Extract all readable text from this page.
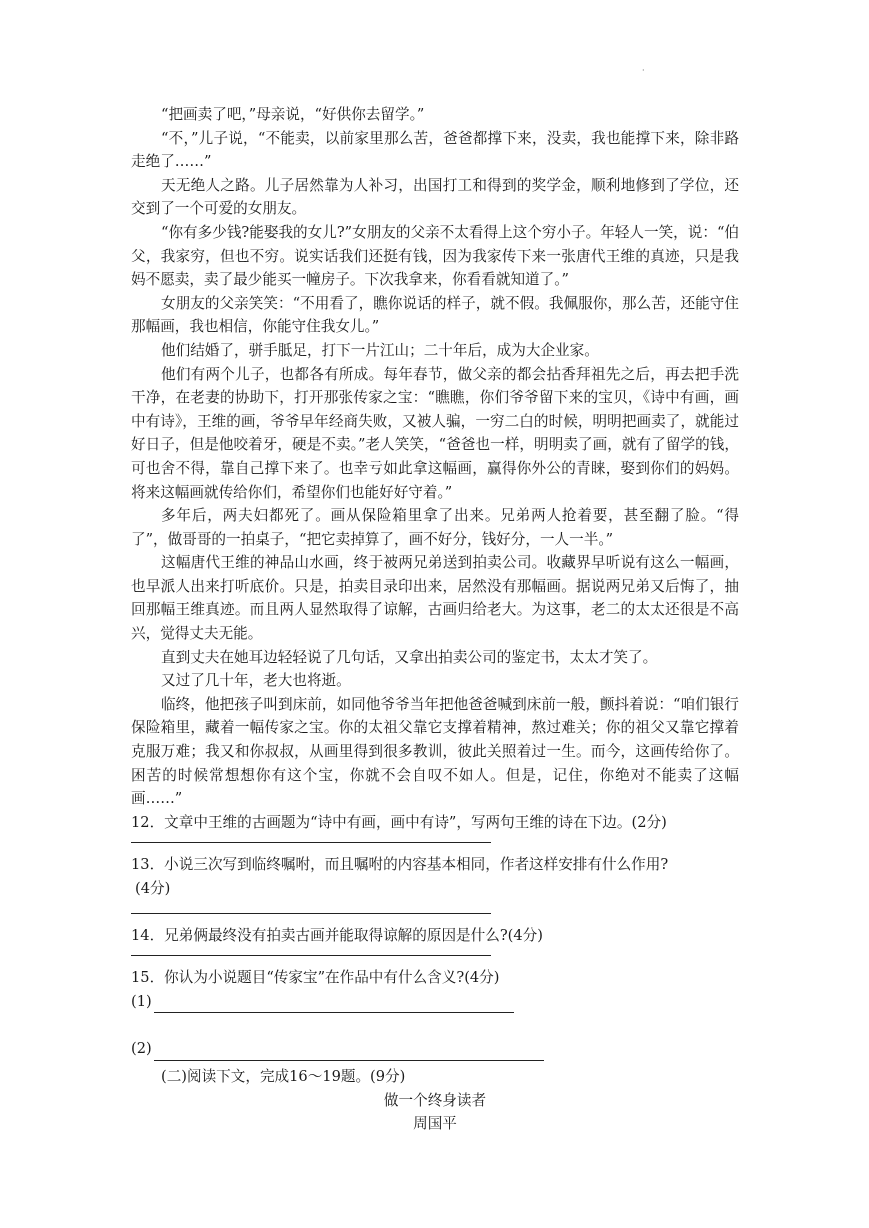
·

“把画卖了吧，”母亲说，“好供你去留学。”

“不，”儿子说，“不能卖，以前家里那么苦，爸爸都撑下来，没卖，我也能撑下来，除非路走绝了……”

天无绝人之路。儿子居然靠为人补习，出国打工和得到的奖学金，顺利地修到了学位，还交到了一个可爱的女朋友。

“你有多少钱?能娶我的女儿?”女朋友的父亲不太看得上这个穷小子。年轻人一笑，说：“伯父，我家穷，但也不穷。说实话我们还挺有钱，因为我家传下来一张唐代王维的真迹，只是我妈不愿卖，卖了最少能买一幢房子。下次我拿来，你看看就知道了。”

女朋友的父亲笑笑：“不用看了，瞧你说话的样子，就不假。我佩服你，那么苦，还能守住那幅画，我也相信，你能守住我女儿。”

他们结婚了，骈手胝足，打下一片江山；二十年后，成为大企业家。

他们有两个儿子，也都各有所成。每年春节，做父亲的都会拈香拜祖先之后，再去把手洗干净，在老妻的协助下，打开那张传家之宝：“瞧瞧，你们爷爷留下来的宝贝，《诗中有画，画中有诗》，王维的画，爷爷早年经商失败，又被人骗，一穷二白的时候，明明把画卖了，就能过好日子，但是他咬着牙，硬是不卖。”老人笑笑，“爸爸也一样，明明卖了画，就有了留学的钱，可也舍不得，靠自己撑下来了。也幸亏如此拿这幅画，赢得你外公的青睐，娶到你们的妈妈。将来这幅画就传给你们，希望你们也能好好守着。”

多年后，两夫妇都死了。画从保险箱里拿了出来。兄弟两人抢着要，甚至翻了脸。“得了”，做哥哥的一拍桌子，“把它卖掉算了，画不好分，钱好分，一人一半。”

这幅唐代王维的神品山水画，终于被两兄弟送到拍卖公司。收藏界早听说有这么一幅画，也早派人出来打听底价。只是，拍卖目录印出来，居然没有那幅画。据说两兄弟又后悔了，抽回那幅王维真迹。而且两人显然取得了谅解，古画归给老大。为这事，老二的太太还很是不高兴，觉得丈夫无能。

直到丈夫在她耳边轻轻说了几句话，又拿出拍卖公司的鉴定书，太太才笑了。

又过了几十年，老大也将逝。

临终，他把孩子叫到床前，如同他爷爷当年把他爸爸喊到床前一般，颤抖着说：“咱们银行保险箱里，藏着一幅传家之宝。你的太祖父靠它支撑着精神，熬过难关；你的祖父又靠它撑着克服万难；我又和你叔叔，从画里得到很多教训，彼此关照着过一生。而今，这画传给你了。困苦的时候常想想你有这个宝，你就不会自叹不如人。但是，记住，你绝对不能卖了这幅画……”

12．文章中王维的古画题为“诗中有画，画中有诗”，写两句王维的诗在下边。(2分)

13．小说三次写到临终嘱咐，而且嘱咐的内容基本相同，作者这样安排有什么作用?

(4分)

14．兄弟俩最终没有拍卖古画并能取得谅解的原因是什么?(4分)

15．你认为小说题目“传家宝”在作品中有什么含义?(4分)

(1)
(2)

(二)阅读下文，完成16～19题。(9分)

做一个终身读者

周国平
